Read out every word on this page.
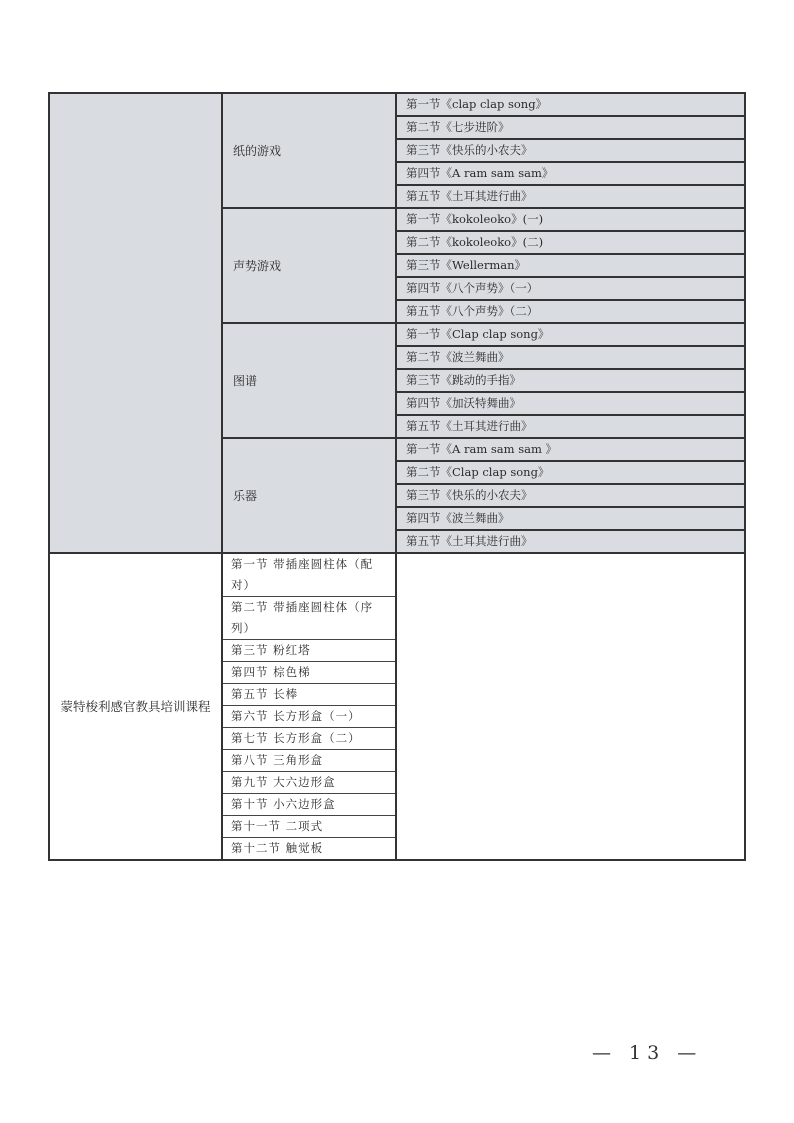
纸的游戏
第一节《clap clap song》
第二节《七步进阶》
第三节《快乐的小农夫》
第四节《A ram sam sam》
第五节《土耳其进行曲》
声势游戏
第一节《kokoleoko》(一)
第二节《kokoleoko》(二)
第三节《Wellerman》
第四节《八个声势》（一）
第五节《八个声势》（二）
图谱
第一节《Clap clap song》
第二节《波兰舞曲》
第三节《跳动的手指》
第四节《加沃特舞曲》
第五节《土耳其进行曲》
乐器
第一节《A ram sam sam 》
第二节《Clap clap song》
第三节《快乐的小农夫》
第四节《波兰舞曲》
第五节《土耳其进行曲》
蒙特梭利感官教具培训课程
第一节 带插座圆柱体（配对）
第二节 带插座圆柱体（序列）
第三节 粉红塔
第四节 棕色梯
第五节 长棒
第六节 长方形盒（一）
第七节 长方形盒（二）
第八节 三角形盒
第九节 大六边形盒
第十节 小六边形盒
第十一节 二项式
第十二节 触觉板
— 13 —
